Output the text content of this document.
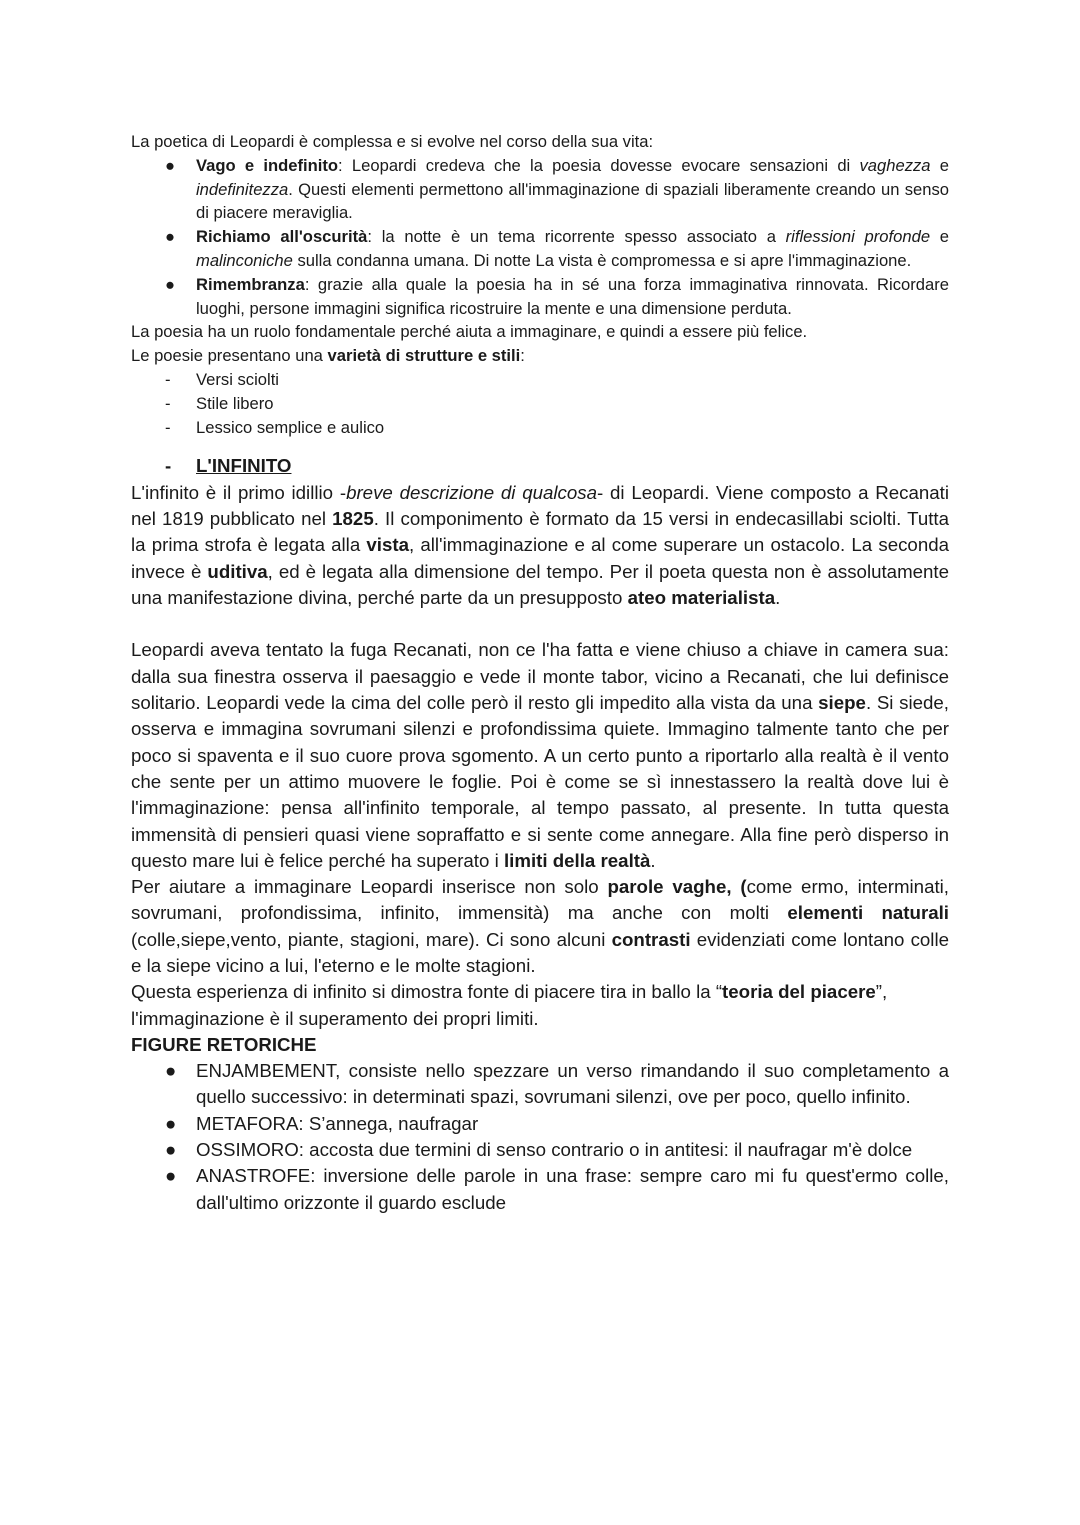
La poetica di Leopardi è complessa e si evolve nel corso della sua vita:

● Vago e indefinito: Leopardi credeva che la poesia dovesse evocare sensazioni di vaghezza e indefinitezza. Questi elementi permettono all'immaginazione di spaziali liberamente creando un senso di piacere meraviglia.
● Richiamo all'oscurità: la notte è un tema ricorrente spesso associato a riflessioni profonde e malinconiche sulla condanna umana. Di notte La vista è compromessa e si apre l'immaginazione.
● Rimembranza: grazie alla quale la poesia ha in sé una forza immaginativa rinnovata. Ricordare luoghi, persone immagini significa ricostruire la mente e una dimensione perduta.

La poesia ha un ruolo fondamentale perché aiuta a immaginare, e quindi a essere più felice.

Le poesie presentano una varietà di strutture e stili:

- Versi sciolti
- Stile libero
- Lessico semplice e aulico
- L'INFINITO

L'infinito è il primo idillio -breve descrizione di qualcosa- di Leopardi. Viene composto a Recanati nel 1819 pubblicato nel 1825. Il componimento è formato da 15 versi in endecasillabi sciolti. Tutta la prima strofa è legata alla vista, all'immaginazione e al come superare un ostacolo. La seconda invece è uditiva, ed è legata alla dimensione del tempo. Per il poeta questa non è assolutamente una manifestazione divina, perché parte da un presupposto ateo materialista.

Leopardi aveva tentato la fuga Recanati, non ce l'ha fatta e viene chiuso a chiave in camera sua: dalla sua finestra osserva il paesaggio e vede il monte tabor, vicino a Recanati, che lui definisce solitario. Leopardi vede la cima del colle però il resto gli impedito alla vista da una siepe. Si siede, osserva e immagina sovrumani silenzi e profondissima quiete. Immagino talmente tanto che per poco si spaventa e il suo cuore prova sgomento. A un certo punto a riportarlo alla realtà è il vento che sente per un attimo muovere le foglie. Poi è come se sì innestassero la realtà dove lui è l'immaginazione: pensa all'infinito temporale, al tempo passato, al presente. In tutta questa immensità di pensieri quasi viene sopraffatto e si sente come annegare. Alla fine però disperso in questo mare lui è felice perché ha superato i limiti della realtà.

Per aiutare a immaginare Leopardi inserisce non solo parole vaghe, (come ermo, interminati, sovrumani, profondissima, infinito, immensità) ma anche con molti elementi naturali (colle,siepe,vento, piante, stagioni, mare). Ci sono alcuni contrasti evidenziati come lontano colle e la siepe vicino a lui, l'eterno e le molte stagioni.

Questa esperienza di infinito si dimostra fonte di piacere tira in ballo la “teoria del piacere”, l'immaginazione è il superamento dei propri limiti.

FIGURE RETORICHE

● ENJAMBEMENT, consiste nello spezzare un verso rimandando il suo completamento a quello successivo: in determinati spazi, sovrumani silenzi, ove per poco, quello infinito.
● METAFORA: S’annega, naufragar
● OSSIMORO: accosta due termini di senso contrario o in antitesi: il naufragar m'è dolce
● ANASTROFE: inversione delle parole in una frase: sempre caro mi fu quest'ermo colle, dall'ultimo orizzonte il guardo esclude
